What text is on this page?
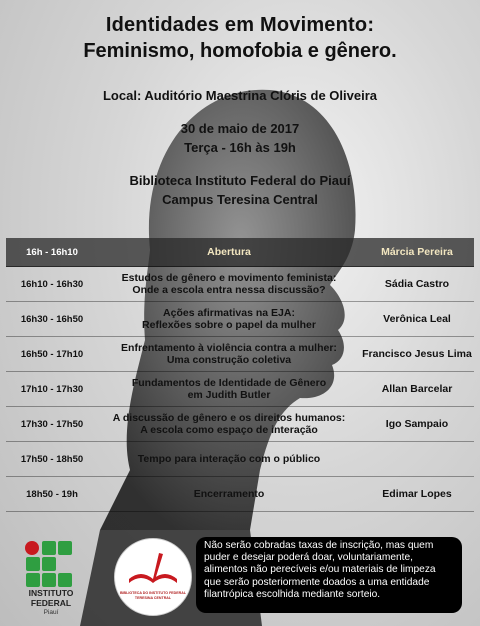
Identidades em Movimento:
Feminismo, homofobia e gênero.
Local: Auditório Maestrina Clóris de Oliveira
30 de maio de 2017
Terça - 16h às 19h
Biblioteca Instituto Federal do Piauí
Campus Teresina Central
16h - 16h10	Abertura	Márcia Pereira
16h10 - 16h30	Estudos de gênero e movimento feminista:
Onde a escola entra nessa discussão?	Sádia Castro
16h30 - 16h50	Ações afirmativas na EJA:
Reflexões sobre o papel da mulher	Verônica Leal
16h50 - 17h10	Enfrentamento à violência contra a mulher:
Uma construção coletiva	Francisco Jesus Lima
17h10 - 17h30	Fundamentos de Identidade de Gênero
em Judith Butler	Allan Barcelar
17h30 - 17h50	A discussão de gênero e os direitos humanos:
A escola como espaço de interação	Igo Sampaio
17h50 - 18h50	Tempo para interação com o público
18h50 - 19h	Encerramento	Edimar Lopes
INSTITUTO
FEDERAL
Piauí
BIBLIOTECA DO INSTITUTO FEDERAL TERESINA CENTRAL
Não serão cobradas taxas de inscrição, mas quem puder e desejar poderá doar, voluntariamente, alimentos não perecíveis e/ou materiais de limpeza que serão posteriormente doados a uma entidade filantrópica escolhida mediante sorteio.
